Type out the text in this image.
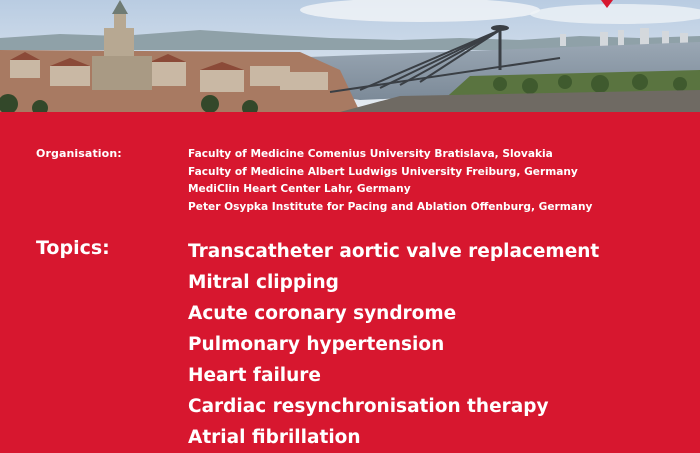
Organisation:	Faculty of Medicine Comenius University Bratislava, Slovakia
Faculty of Medicine Albert Ludwigs University Freiburg, Germany
MediClin Heart Center Lahr, Germany
Peter Osypka Institute for Pacing and Ablation Offenburg, Germany
Topics:	Transcatheter aortic valve replacement
Mitral clipping
Acute coronary syndrome
Pulmonary hypertension
Heart failure
Cardiac resynchronisation therapy
Atrial fibrillation
